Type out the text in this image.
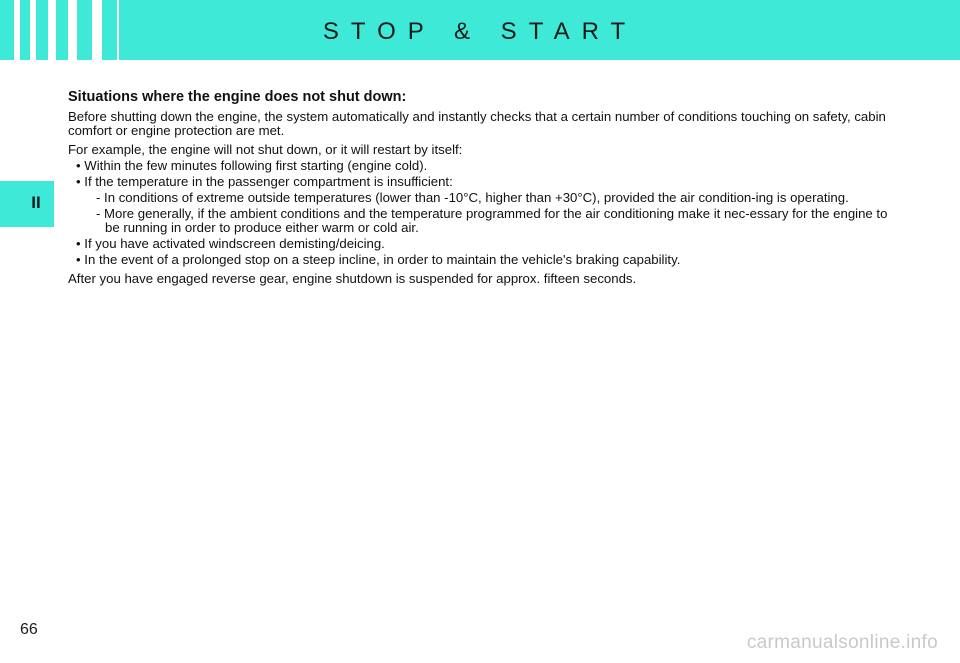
STOP & START
II
Situations where the engine does not shut down:
Before shutting down the engine, the system automatically and instantly checks that a certain number of conditions touching on safety, cabin comfort or engine protection are met.
For example, the engine will not shut down, or it will restart by itself:
• Within the few minutes following first starting (engine cold).
• If the temperature in the passenger compartment is insufficient:
- In conditions of extreme outside temperatures (lower than -10°C, higher than +30°C), provided the air condition-ing is operating.
- More generally, if the ambient conditions and the temperature programmed for the air conditioning make it nec-essary for the engine to be running in order to produce either warm or cold air.
• If you have activated windscreen demisting/deicing.
• In the event of a prolonged stop on a steep incline, in order to maintain the vehicle's braking capability.
After you have engaged reverse gear, engine shutdown is suspended for approx. fifteen seconds.
66
carmanualsonline.info
